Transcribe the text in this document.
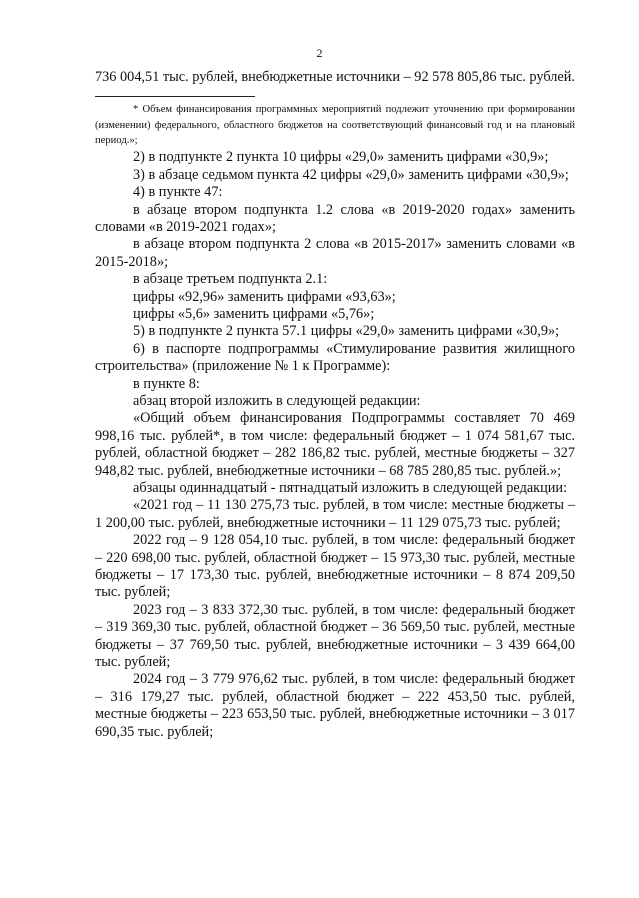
2

736 004,51 тыс. рублей, внебюджетные источники – 92 578 805,86 тыс. рублей.

* Объем финансирования программных мероприятий подлежит уточнению при формировании (изменении) федерального, областного бюджетов на соответствующий финансовый год и на плановый период.»;

2) в подпункте 2 пункта 10 цифры «29,0» заменить цифрами «30,9»;

3) в абзаце седьмом пункта 42 цифры «29,0» заменить цифрами «30,9»;

4) в пункте 47:

в абзаце втором подпункта 1.2 слова «в 2019-2020 годах» заменить словами «в 2019-2021 годах»;

в абзаце втором подпункта 2 слова «в 2015-2017» заменить словами «в 2015-2018»;

в абзаце третьем подпункта 2.1:

цифры «92,96» заменить цифрами «93,63»;

цифры «5,6» заменить цифрами «5,76»;

5) в подпункте 2 пункта 57.1 цифры «29,0» заменить цифрами «30,9»;

6) в паспорте подпрограммы «Стимулирование развития жилищного строительства» (приложение № 1 к Программе):

в пункте 8:

абзац второй изложить в следующей редакции:

«Общий объем финансирования Подпрограммы составляет 70 469 998,16 тыс. рублей*, в том числе: федеральный бюджет – 1 074 581,67 тыс. рублей, областной бюджет – 282 186,82 тыс. рублей, местные бюджеты – 327 948,82 тыс. рублей, внебюджетные источники – 68 785 280,85 тыс. рублей.»;

абзацы одиннадцатый - пятнадцатый изложить в следующей редакции:

«2021 год – 11 130 275,73 тыс. рублей, в том числе: местные бюджеты – 1 200,00 тыс. рублей, внебюджетные источники – 11 129 075,73 тыс. рублей;

2022 год – 9 128 054,10 тыс. рублей, в том числе: федеральный бюджет – 220 698,00 тыс. рублей, областной бюджет – 15 973,30 тыс. рублей, местные бюджеты – 17 173,30 тыс. рублей, внебюджетные источники – 8 874 209,50 тыс. рублей;

2023 год – 3 833 372,30 тыс. рублей, в том числе: федеральный бюджет – 319 369,30 тыс. рублей, областной бюджет – 36 569,50 тыс. рублей, местные бюджеты – 37 769,50 тыс. рублей, внебюджетные источники – 3 439 664,00 тыс. рублей;

2024 год – 3 779 976,62 тыс. рублей, в том числе: федеральный бюджет – 316 179,27 тыс. рублей, областной бюджет – 222 453,50 тыс. рублей, местные бюджеты – 223 653,50 тыс. рублей, внебюджетные источники – 3 017 690,35 тыс. рублей;
